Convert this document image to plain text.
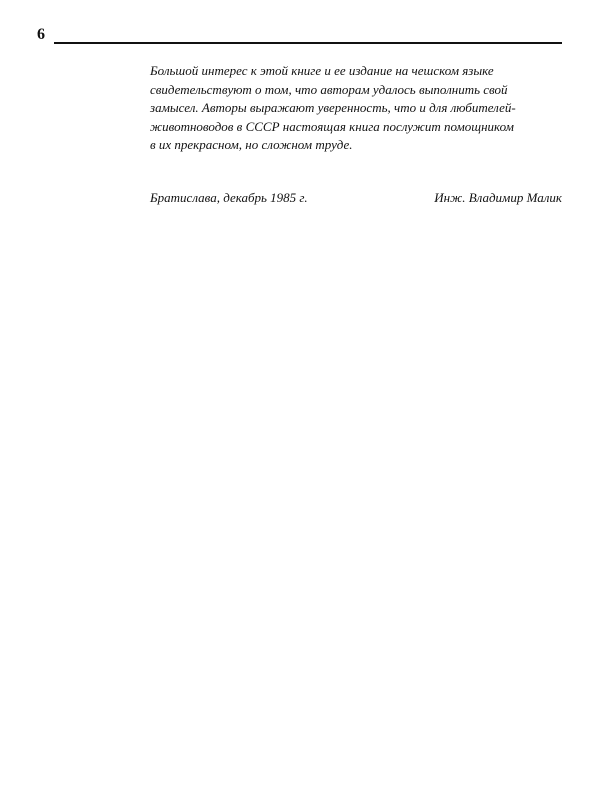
6

Большой интерес к этой книге и ее издание на чешском языке
свидетельствуют о том, что авторам удалось выполнить свой
замысел. Авторы выражают уверенность, что и для любителей-
животноводов в СССР настоящая книга послужит помощником
в их прекрасном, но сложном труде.

Братислава, декабрь 1985 г.	Инж. Владимир Малик
